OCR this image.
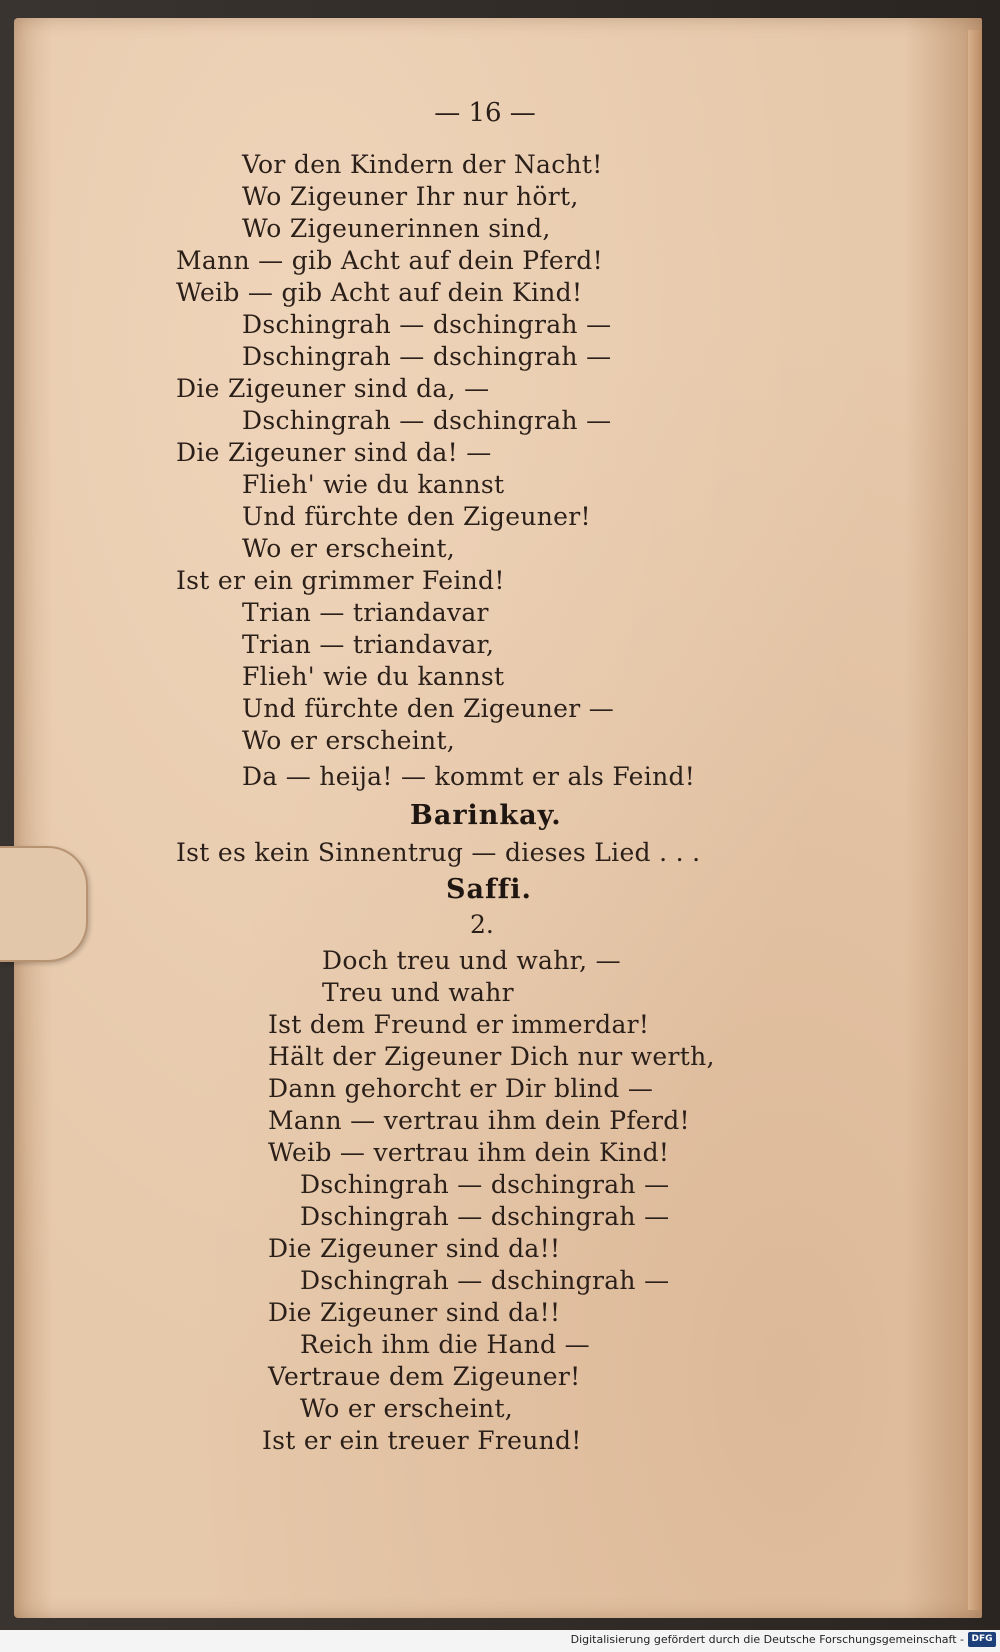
— 16 —
Vor den Kindern der Nacht!
Wo Zigeuner Ihr nur hört,
Wo Zigeunerinnen sind,
Mann — gib Acht auf dein Pferd!
Weib — gib Acht auf dein Kind!
Dschingrah — dschingrah —
Dschingrah — dschingrah —
Die Zigeuner sind da, —
Dschingrah — dschingrah —
Die Zigeuner sind da! —
Flieh' wie du kannst
Und fürchte den Zigeuner!
Wo er erscheint,
Ist er ein grimmer Feind!
Trian — triandavar
Trian — triandavar,
Flieh' wie du kannst
Und fürchte den Zigeuner —
Wo er erscheint,
Da — heija! — kommt er als Feind!
Barinkay.
Ist es kein Sinnentrug — dieses Lied . . .
Saffi.
2.
Doch treu und wahr, —
Treu und wahr
Ist dem Freund er immerdar!
Hält der Zigeuner Dich nur werth,
Dann gehorcht er Dir blind —
Mann — vertrau ihm dein Pferd!
Weib — vertrau ihm dein Kind!
Dschingrah — dschingrah —
Dschingrah — dschingrah —
Die Zigeuner sind da!!
Dschingrah — dschingrah —
Die Zigeuner sind da!!
Reich ihm die Hand —
Vertraue dem Zigeuner!
Wo er erscheint,
Ist er ein treuer Freund!
Digitalisierung gefördert durch die Deutsche Forschungsgemeinschaft - DFG
